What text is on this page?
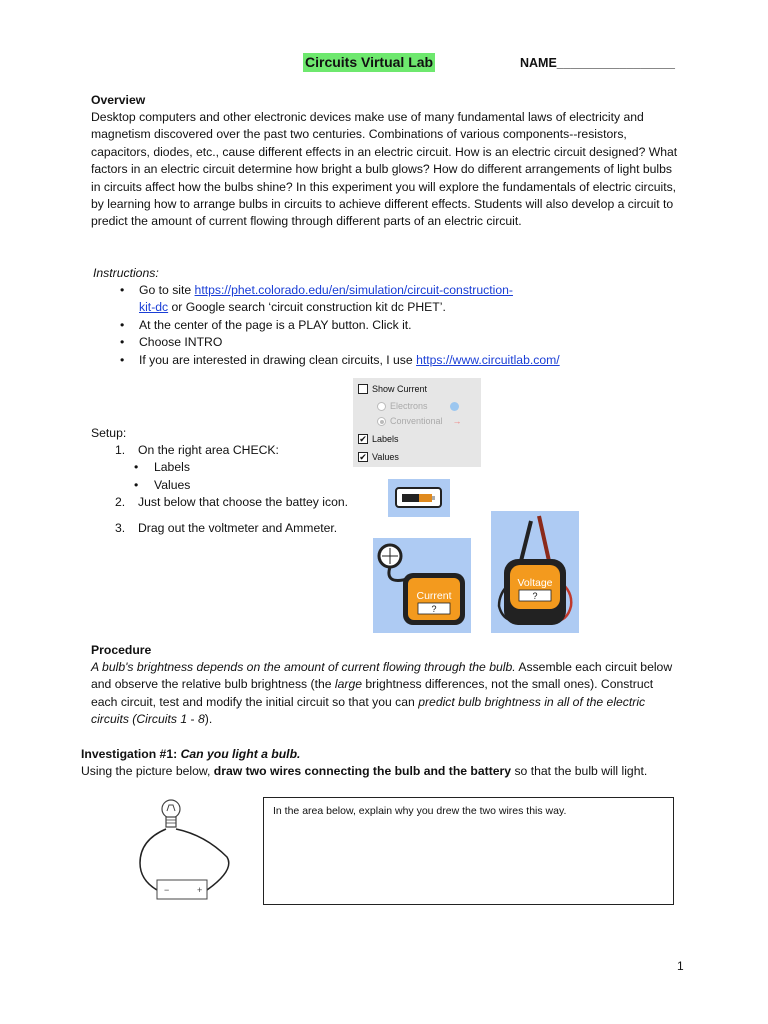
Circuits Virtual Lab	NAME_________________
Overview
Desktop computers and other electronic devices make use of many fundamental laws of electricity and magnetism discovered over the past two centuries. Combinations of various components--resistors, capacitors, diodes, etc., cause different effects in an electric circuit. How is an electric circuit designed? What factors in an electric circuit determine how bright a bulb glows? How do different arrangements of light bulbs in circuits affect how the bulbs shine? In this experiment you will explore the fundamentals of electric circuits, by learning how to arrange bulbs in circuits to achieve different effects. Students will also develop a circuit to predict the amount of current flowing through different parts of an electric circuit.
Instructions:
• Go to site https://phet.colorado.edu/en/simulation/circuit-construction-
kit-dc or Google search ‘circuit construction kit dc PHET’.
• At the center of the page is a PLAY button. Click it.
• Choose INTRO
• If you are interested in drawing clean circuits, I use https://www.circuitlab.com/
Show Current
Electrons
Conventional →
✔ Labels
✔ Values
Setup:
1. On the right area CHECK:
• Labels
• Values
2. Just below that choose the battey icon.
3. Drag out the voltmeter and Ammeter.
Current
?
Voltage
?
Procedure
A bulb's brightness depends on the amount of current flowing through the bulb. Assemble each circuit below and observe the relative bulb brightness (the large brightness differences, not the small ones). Construct each circuit, test and modify the initial circuit so that you can predict bulb brightness in all of the electric circuits (Circuits 1 - 8).
Investigation #1: Can you light a bulb.
Using the picture below, draw two wires connecting the bulb and the battery so that the bulb will light.
−	+
In the area below, explain why you drew the two wires this way.
1
